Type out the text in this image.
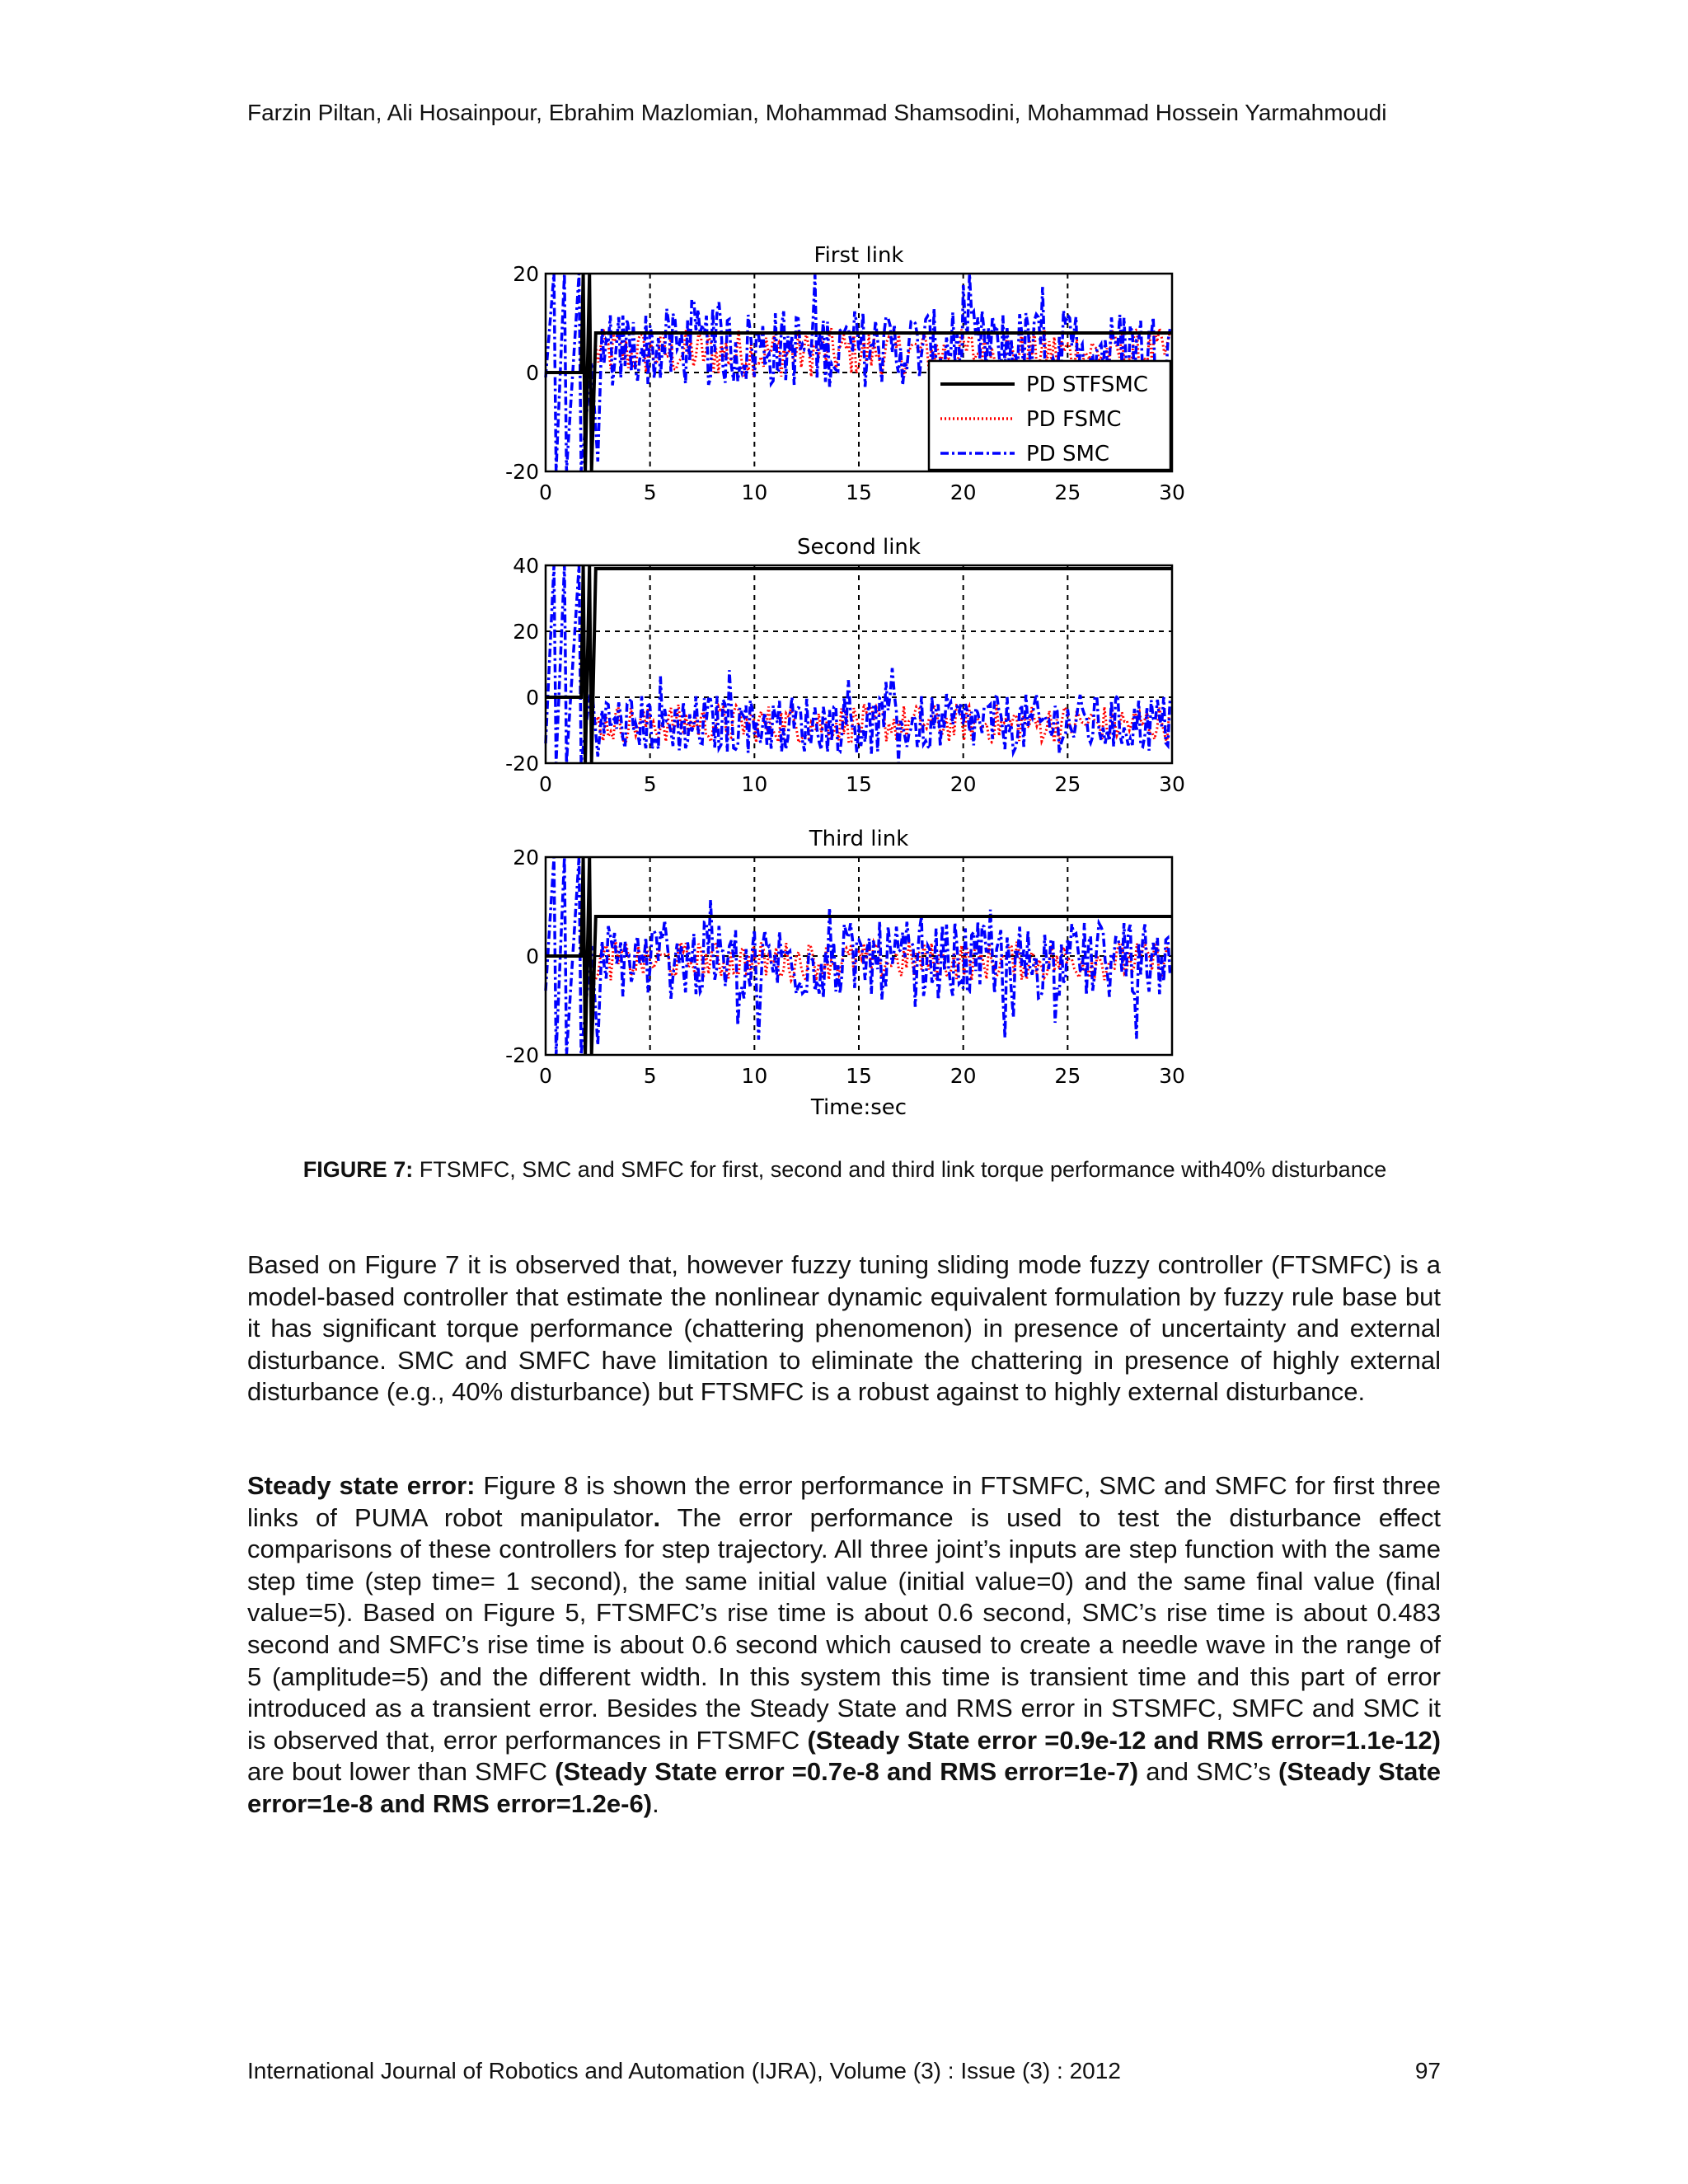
Farzin Piltan, Ali Hosainpour, Ebrahim Mazlomian, Mohammad Shamsodini, Mohammad Hossein Yarmahmoudi
0	5	10	15	20	25	30
20
0
-20
First link
PD STFSMC
PD FSMC
PD SMC
0	5	10	15	20	25	30
40
20
0
-20
Second link
0	5	10	15	20	25	30
20
0
-20
Third link
Time:sec
FIGURE 7: FTSMFC, SMC and SMFC for first, second and third link torque performance with40% disturbance
Based on Figure 7 it is observed that, however fuzzy tuning sliding mode fuzzy controller (FTSMFC) is a model-based controller that estimate the nonlinear dynamic equivalent formulation by fuzzy rule base but it has significant torque performance (chattering phenomenon) in presence of uncertainty and external disturbance. SMC and SMFC have limitation to eliminate the chattering in presence of highly external disturbance (e.g., 40% disturbance) but FTSMFC is a robust against to highly external disturbance.
Steady state error: Figure 8 is shown the error performance in FTSMFC, SMC and SMFC for first three links of PUMA robot manipulator. The error performance is used to test the disturbance effect comparisons of these controllers for step trajectory. All three joint’s inputs are step function with the same step time (step time= 1 second), the same initial value (initial value=0) and the same final value (final value=5). Based on Figure 5, FTSMFC’s rise time is about 0.6 second, SMC’s rise time is about 0.483 second and SMFC’s rise time is about 0.6 second which caused to create a needle wave in the range of 5 (amplitude=5) and the different width. In this system this time is transient time and this part of error introduced as a transient error. Besides the Steady State and RMS error in STSMFC, SMFC and SMC it is observed that, error performances in FTSMFC (Steady State error =0.9e-12 and RMS error=1.1e-12) are bout lower than SMFC (Steady State error =0.7e-8 and RMS error=1e-7) and SMC’s (Steady State error=1e-8 and RMS error=1.2e-6).
International Journal of Robotics and Automation (IJRA), Volume (3) : Issue (3) : 2012	97
